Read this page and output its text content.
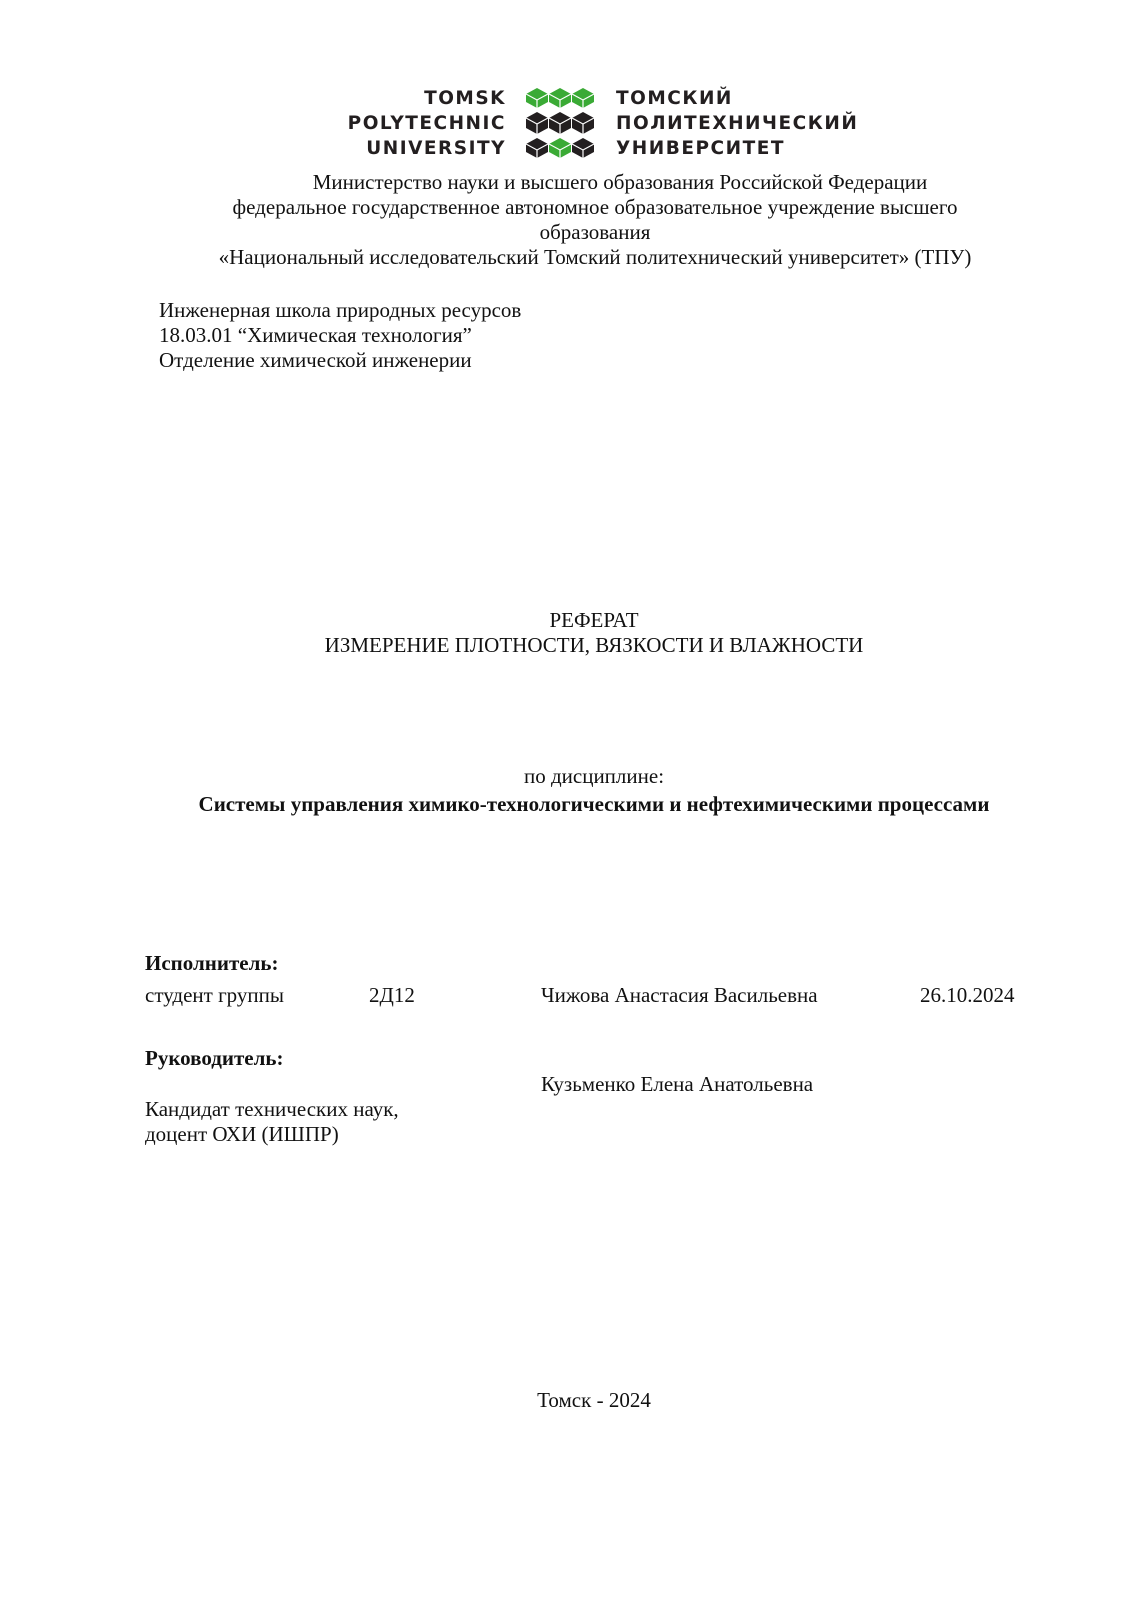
TOMSK
POLYTECHNIC
UNIVERSITY
ТОМСКИЙ
ПОЛИТЕХНИЧЕСКИЙ
УНИВЕРСИТЕТ
Министерство науки и высшего образования Российской Федерации
федеральное государственное автономное образовательное учреждение высшего
образования
«Национальный исследовательский Томский политехнический университет» (ТПУ)
Инженерная школа природных ресурсов
18.03.01 “Химическая технология”
Отделение химической инженерии
РЕФЕРАТ
ИЗМЕРЕНИЕ ПЛОТНОСТИ, ВЯЗКОСТИ И ВЛАЖНОСТИ
по дисциплине:
Системы управления химико-технологическими и нефтехимическими процессами
Исполнитель:
студент группы	2Д12	Чижова Анастасия Васильевна	26.10.2024
Руководитель:
Кузьменко Елена Анатольевна
Кандидат технических наук,
доцент ОХИ (ИШПР)
Томск - 2024
